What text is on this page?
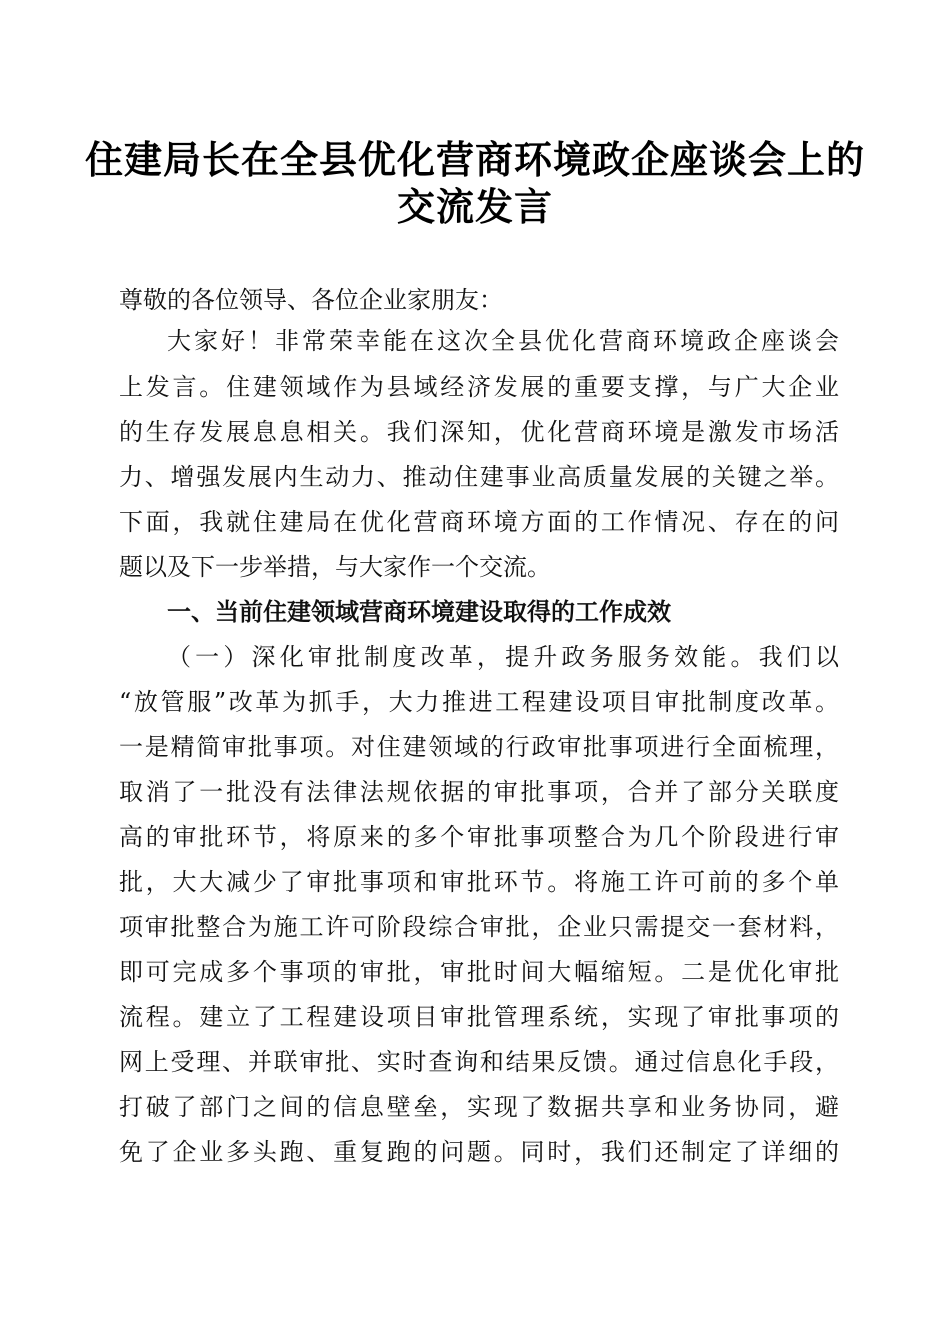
住建局长在全县优化营商环境政企座谈会上的
交流发言
尊敬的各位领导、各位企业家朋友：
大家好！非常荣幸能在这次全县优化营商环境政企座谈会
上发言。住建领域作为县域经济发展的重要支撑，与广大企业
的生存发展息息相关。我们深知，优化营商环境是激发市场活
力、增强发展内生动力、推动住建事业高质量发展的关键之举。
下面，我就住建局在优化营商环境方面的工作情况、存在的问
题以及下一步举措，与大家作一个交流。
一、当前住建领域营商环境建设取得的工作成效
（一）深化审批制度改革，提升政务服务效能。我们以
“放管服”改革为抓手，大力推进工程建设项目审批制度改革。
一是精简审批事项。对住建领域的行政审批事项进行全面梳理，
取消了一批没有法律法规依据的审批事项，合并了部分关联度
高的审批环节，将原来的多个审批事项整合为几个阶段进行审
批，大大减少了审批事项和审批环节。将施工许可前的多个单
项审批整合为施工许可阶段综合审批，企业只需提交一套材料，
即可完成多个事项的审批，审批时间大幅缩短。二是优化审批
流程。建立了工程建设项目审批管理系统，实现了审批事项的
网上受理、并联审批、实时查询和结果反馈。通过信息化手段，
打破了部门之间的信息壁垒，实现了数据共享和业务协同，避
免了企业多头跑、重复跑的问题。同时，我们还制定了详细的
